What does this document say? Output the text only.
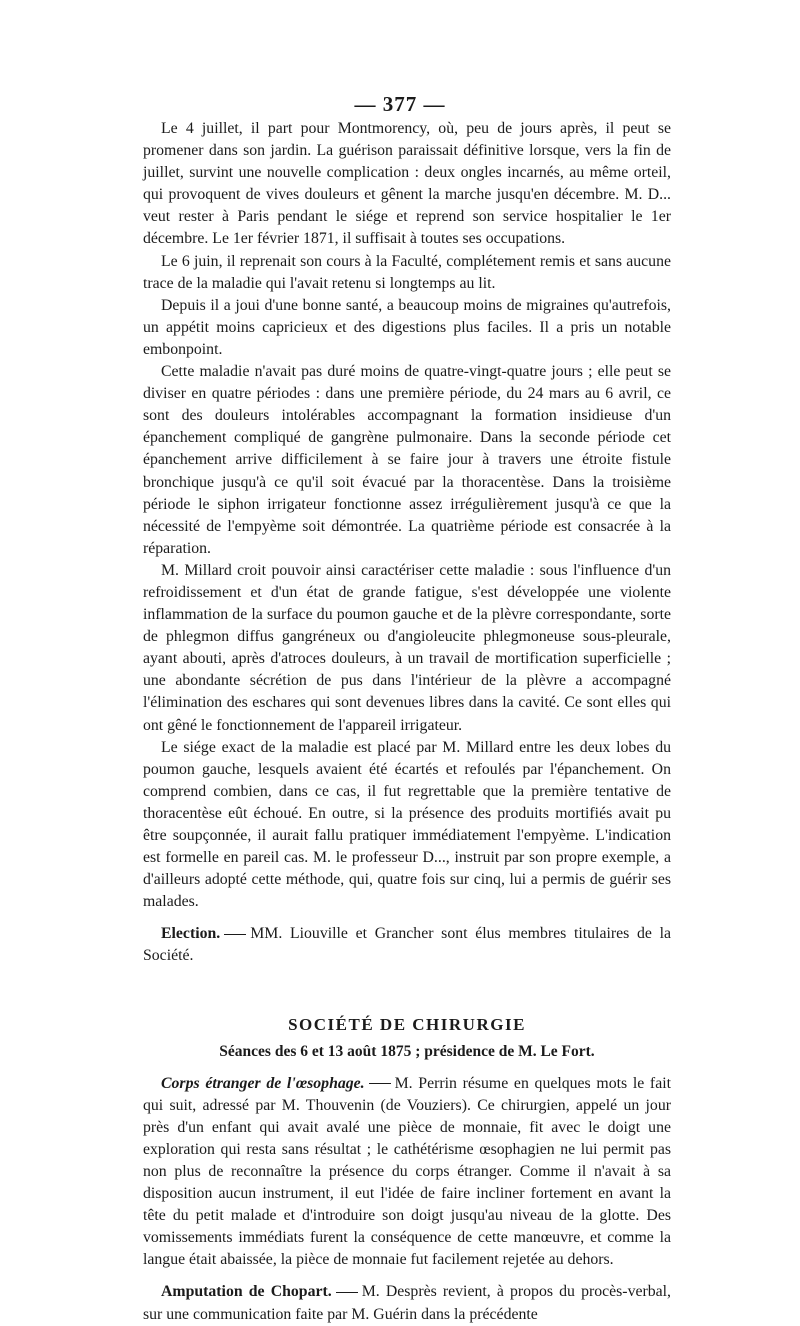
— 377 —

Le 4 juillet, il part pour Montmorency, où, peu de jours après, il peut se promener dans son jardin. La guérison paraissait définitive lorsque, vers la fin de juillet, survint une nouvelle complication : deux ongles incarnés, au même orteil, qui provoquent de vives douleurs et gênent la marche jusqu'en décembre. M. D... veut rester à Paris pendant le siége et reprend son service hospitalier le 1er décembre. Le 1er février 1871, il suffisait à toutes ses occupations.

Le 6 juin, il reprenait son cours à la Faculté, complétement remis et sans aucune trace de la maladie qui l'avait retenu si longtemps au lit.

Depuis il a joui d'une bonne santé, a beaucoup moins de migraines qu'autrefois, un appétit moins capricieux et des digestions plus faciles. Il a pris un notable embonpoint.

Cette maladie n'avait pas duré moins de quatre-vingt-quatre jours ; elle peut se diviser en quatre périodes : dans une première période, du 24 mars au 6 avril, ce sont des douleurs intolérables accompagnant la formation insidieuse d'un épanchement compliqué de gangrène pulmonaire. Dans la seconde période cet épanchement arrive difficilement à se faire jour à travers une étroite fistule bronchique jusqu'à ce qu'il soit évacué par la thoracentèse. Dans la troisième période le siphon irrigateur fonctionne assez irrégulièrement jusqu'à ce que la nécessité de l'empyème soit démontrée. La quatrième période est consacrée à la réparation.

M. Millard croit pouvoir ainsi caractériser cette maladie : sous l'influence d'un refroidissement et d'un état de grande fatigue, s'est développée une violente inflammation de la surface du poumon gauche et de la plèvre correspondante, sorte de phlegmon diffus gangréneux ou d'angioleucite phlegmoneuse sous-pleurale, ayant abouti, après d'atroces douleurs, à un travail de mortification superficielle ; une abondante sécrétion de pus dans l'intérieur de la plèvre a accompagné l'élimination des eschares qui sont devenues libres dans la cavité. Ce sont elles qui ont gêné le fonctionnement de l'appareil irrigateur.

Le siége exact de la maladie est placé par M. Millard entre les deux lobes du poumon gauche, lesquels avaient été écartés et refoulés par l'épanchement. On comprend combien, dans ce cas, il fut regrettable que la première tentative de thoracentèse eût échoué. En outre, si la présence des produits mortifiés avait pu être soupçonnée, il aurait fallu pratiquer immédiatement l'empyème. L'indication est formelle en pareil cas. M. le professeur D..., instruit par son propre exemple, a d'ailleurs adopté cette méthode, qui, quatre fois sur cinq, lui a permis de guérir ses malades.

Election. MM. Liouville et Grancher sont élus membres titulaires de la Société.

SOCIÉTÉ DE CHIRURGIE
Séances des 6 et 13 août 1875 ; présidence de M. Le Fort.

Corps étranger de l'œsophage. M. Perrin résume en quelques mots le fait qui suit, adressé par M. Thouvenin (de Vouziers). Ce chirurgien, appelé un jour près d'un enfant qui avait avalé une pièce de monnaie, fit avec le doigt une exploration qui resta sans résultat ; le cathétérisme œsophagien ne lui permit pas non plus de reconnaître la présence du corps étranger. Comme il n'avait à sa disposition aucun instrument, il eut l'idée de faire incliner fortement en avant la tête du petit malade et d'introduire son doigt jusqu'au niveau de la glotte. Des vomissements immédiats furent la conséquence de cette manœuvre, et comme la langue était abaissée, la pièce de monnaie fut facilement rejetée au dehors.

Amputation de Chopart. M. Desprès revient, à propos du procès-verbal, sur une communication faite par M. Guérin dans la précédente
